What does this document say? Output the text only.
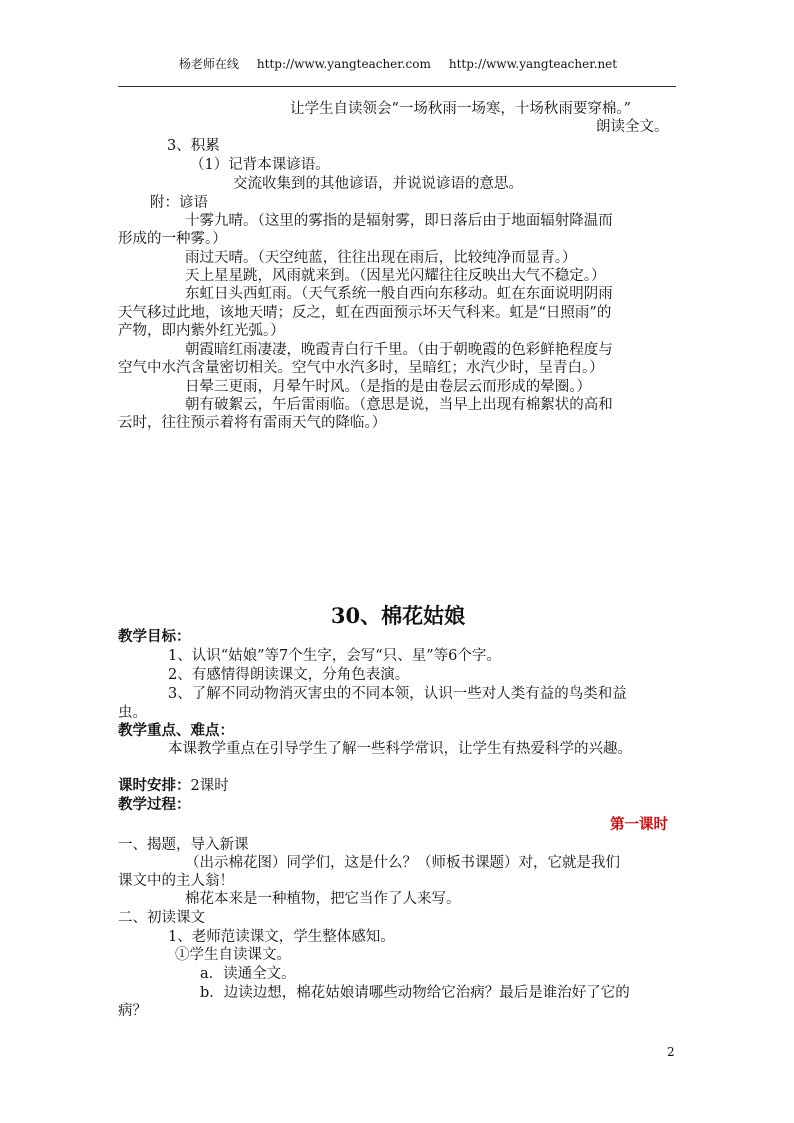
杨老师在线 http://www.yangteacher.com http://www.yangteacher.net
让学生自读领会“一场秋雨一场寒，十场秋雨要穿棉。”
朗读全文。
3、积累
（1）记背本课谚语。
交流收集到的其他谚语，并说说谚语的意思。
附：谚语
十雾九晴。（这里的雾指的是辐射雾，即日落后由于地面辐射降温而
形成的一种雾。）
雨过天晴。（天空纯蓝，往往出现在雨后，比较纯净而显青。）
天上星星跳，风雨就来到。（因星光闪耀往往反映出大气不稳定。）
东虹日头西虹雨。（天气系统一般自西向东移动。虹在东面说明阴雨
天气移过此地，该地天晴；反之，虹在西面预示坏天气科来。虹是“日照雨”的
产物，即内紫外红光弧。）
朝霞暗红雨凄凄，晚霞青白行千里。（由于朝晚霞的色彩鲜艳程度与
空气中水汽含量密切相关。空气中水汽多时，呈暗红；水汽少时，呈青白。）
日晕三更雨，月晕午时风。（是指的是由卷层云而形成的晕圈。）
朝有破絮云，午后雷雨临。（意思是说，当早上出现有棉絮状的高和
云时，往往预示着将有雷雨天气的降临。）
30、棉花姑娘
教学目标：
1、认识“姑娘”等7个生字，会写“只、星”等6个字。
2、有感情得朗读课文，分角色表演。
3、了解不同动物消灭害虫的不同本领，认识一些对人类有益的鸟类和益
虫。
教学重点、难点：
本课教学重点在引导学生了解一些科学常识，让学生有热爱科学的兴趣。
课时安排：2课时
教学过程：
第一课时
一、揭题，导入新课
（出示棉花图）同学们，这是什么？（师板书课题）对，它就是我们
课文中的主人翁！
棉花本来是一种植物，把它当作了人来写。
二、初读课文
1、老师范读课文，学生整体感知。
①学生自读课文。
a．读通全文。
b．边读边想，棉花姑娘请哪些动物给它治病？最后是谁治好了它的
病？
2
